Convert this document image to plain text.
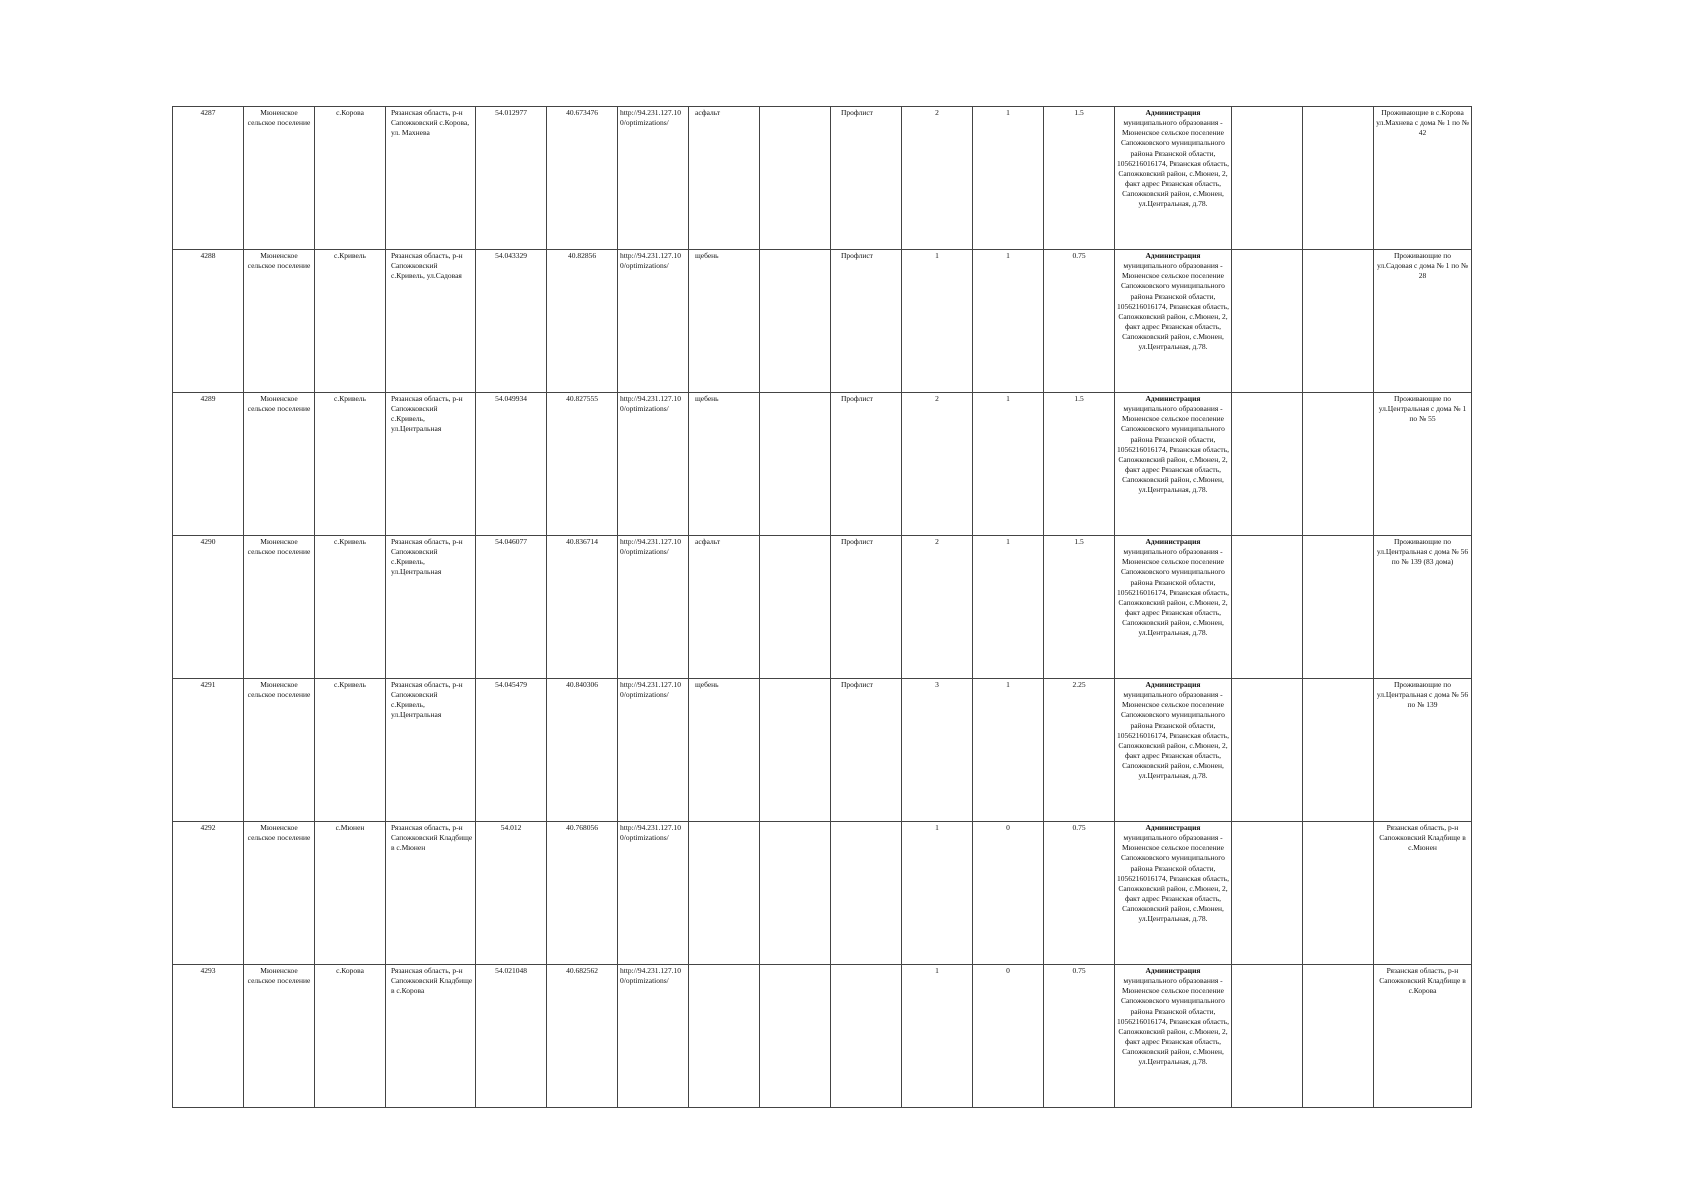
4287	Мюненское сельское поселение	с.Корова	Рязанская область, р-н Сапожковский с.Корова, ул. Махнева	54.012977	40.673476	http://94.231.127.10 0/optimizations/	асфальт		Профлист	2	1	1.5	Администрация
муниципального образования - Мюненское сельское поселение Сапожковского муниципального района Рязанской области, 1056216016174, Рязанская область, Сапожковский район, с.Мюнен, 2, факт адрес Рязанская область, Сапожковский район, с.Мюнен, ул.Центральная, д.78.			Проживающие в с.Корова ул.Махнева с дома № 1 по № 42
4288	Мюненское сельское поселение	с.Кривель	Рязанская область, р-н Сапожковский с.Кривель, ул.Садовая	54.043329	40.82856	http://94.231.127.10 0/optimizations/	щебень		Профлист	1	1	0.75	Администрация
муниципального образования - Мюненское сельское поселение Сапожковского муниципального района Рязанской области, 1056216016174, Рязанская область, Сапожковский район, с.Мюнен, 2, факт адрес Рязанская область, Сапожковский район, с.Мюнен, ул.Центральная, д.78.			Проживающие по ул.Садовая с дома № 1 по № 28
4289	Мюненское сельское поселение	с.Кривель	Рязанская область, р-н Сапожковский с.Кривель, ул.Центральная	54.049934	40.827555	http://94.231.127.10 0/optimizations/	щебень		Профлист	2	1	1.5	Администрация
муниципального образования - Мюненское сельское поселение Сапожковского муниципального района Рязанской области, 1056216016174, Рязанская область, Сапожковский район, с.Мюнен, 2, факт адрес Рязанская область, Сапожковский район, с.Мюнен, ул.Центральная, д.78.			Проживающие по ул.Центральная с дома № 1 по № 55
4290	Мюненское сельское поселение	с.Кривель	Рязанская область, р-н Сапожковский с.Кривель, ул.Центральная	54.046077	40.836714	http://94.231.127.10 0/optimizations/	асфальт		Профлист	2	1	1.5	Администрация
муниципального образования - Мюненское сельское поселение Сапожковского муниципального района Рязанской области, 1056216016174, Рязанская область, Сапожковский район, с.Мюнен, 2, факт адрес Рязанская область, Сапожковский район, с.Мюнен, ул.Центральная, д.78.			Проживающие по ул.Центральная с дома № 56 по № 139 (83 дома)
4291	Мюненское сельское поселение	с.Кривель	Рязанская область, р-н Сапожковский с.Кривель, ул.Центральная	54.045479	40.840306	http://94.231.127.10 0/optimizations/	щебень		Профлист	3	1	2.25	Администрация
муниципального образования - Мюненское сельское поселение Сапожковского муниципального района Рязанской области, 1056216016174, Рязанская область, Сапожковский район, с.Мюнен, 2, факт адрес Рязанская область, Сапожковский район, с.Мюнен, ул.Центральная, д.78.			Проживающие по ул.Центральная с дома № 56 по № 139
4292	Мюненское сельское поселение	с.Мюнен	Рязанская область, р-н Сапожковский Кладбище в с.Мюнен	54.012	40.768056	http://94.231.127.10 0/optimizations/				1	0	0.75	Администрация
муниципального образования - Мюненское сельское поселение Сапожковского муниципального района Рязанской области, 1056216016174, Рязанская область, Сапожковский район, с.Мюнен, 2, факт адрес Рязанская область, Сапожковский район, с.Мюнен, ул.Центральная, д.78.			Рязанская область, р-н Сапожковский Кладбище в с.Мюнен
4293	Мюненское сельское поселение	с.Корова	Рязанская область, р-н Сапожковский Кладбище в с.Корова	54.021048	40.682562	http://94.231.127.10 0/optimizations/				1	0	0.75	Администрация
муниципального образования - Мюненское сельское поселение Сапожковского муниципального района Рязанской области, 1056216016174, Рязанская область, Сапожковский район, с.Мюнен, 2, факт адрес Рязанская область, Сапожковский район, с.Мюнен, ул.Центральная, д.78.			Рязанская область, р-н Сапожковский Кладбище в с.Корова
